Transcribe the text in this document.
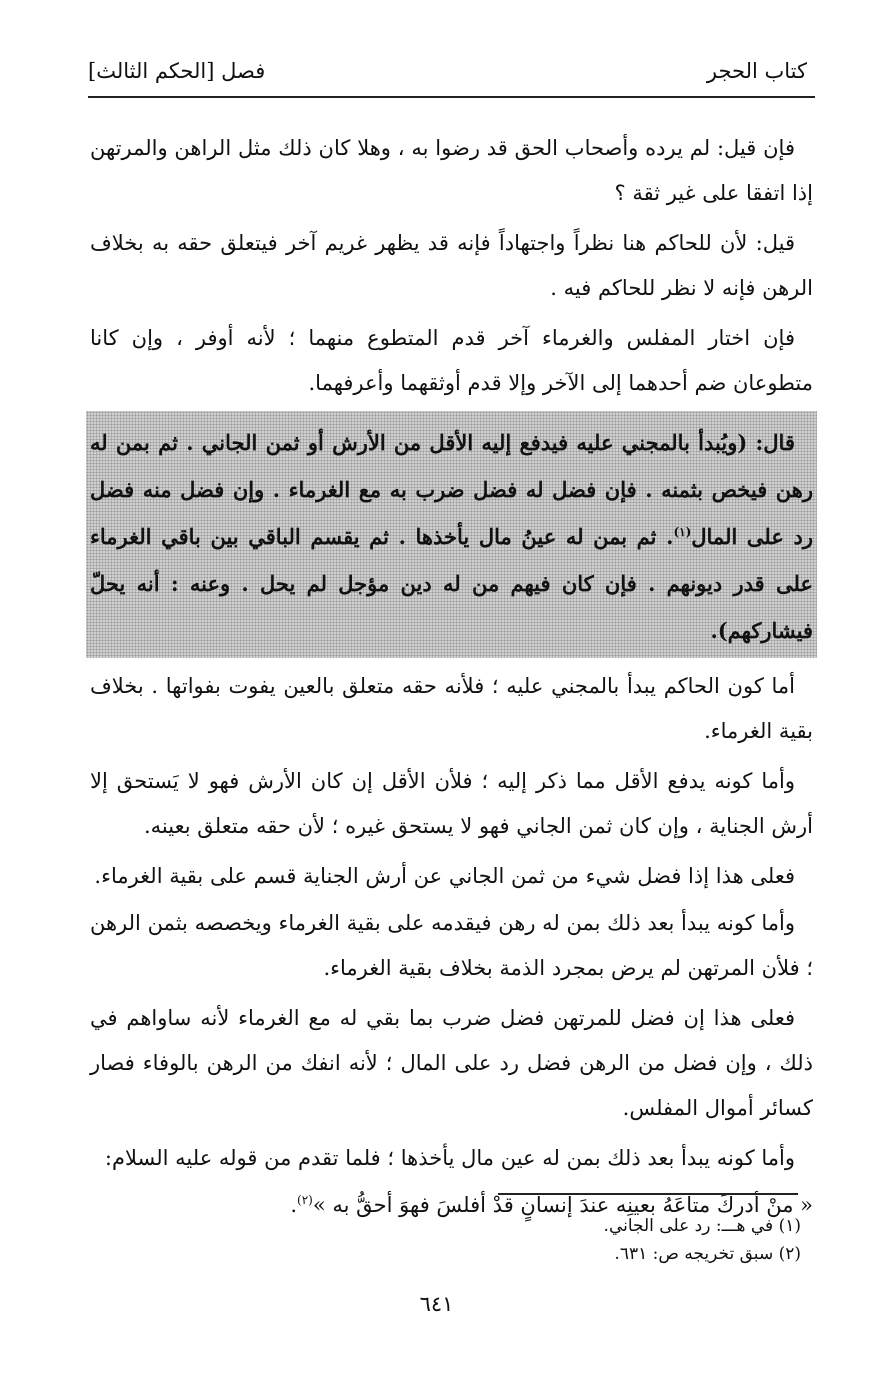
كتاب الحجر
فصل [الحكم الثالث]

فإن قيل: لم يرده وأصحاب الحق قد رضوا به ، وهلا كان ذلك مثل الراهن والمرتهن إذا اتفقا على غير ثقة ؟

قيل: لأن للحاكم هنا نظراً واجتهاداً فإنه قد يظهر غريم آخر فيتعلق حقه به بخلاف الرهن فإنه لا نظر للحاكم فيه .

فإن اختار المفلس والغرماء آخر قدم المتطوع منهما ؛ لأنه أوفر ، وإن كانا متطوعان ضم أحدهما إلى الآخر وإلا قدم أوثقهما وأعرفهما.

قال: (ويُبدأ بالمجني عليه فيدفع إليه الأقل من الأرش أو ثمن الجاني . ثم بمن له رهن فيخص بثمنه . فإن فضل له فضل ضرب به مع الغرماء . وإن فضل منه فضل رد على المال$^{(١)}$. ثم بمن له عينُ مال يأخذها . ثم يقسم الباقي بين باقي الغرماء على قدر ديونهم . فإن كان فيهم من له دين مؤجل لم يحل . وعنه : أنه يحلّ فيشاركهم).

أما كون الحاكم يبدأ بالمجني عليه ؛ فلأنه حقه متعلق بالعين يفوت بفواتها . بخلاف بقية الغرماء.

وأما كونه يدفع الأقل مما ذكر إليه ؛ فلأن الأقل إن كان الأرش فهو لا يَستحق إلا أرش الجناية ، وإن كان ثمن الجاني فهو لا يستحق غيره ؛ لأن حقه متعلق بعينه.

فعلى هذا إذا فضل شيء من ثمن الجاني عن أرش الجناية قسم على بقية الغرماء.

وأما كونه يبدأ بعد ذلك بمن له رهن فيقدمه على بقية الغرماء ويخصصه بثمن الرهن ؛ فلأن المرتهن لم يرض بمجرد الذمة بخلاف بقية الغرماء.

فعلى هذا إن فضل للمرتهن فضل ضرب بما بقي له مع الغرماء لأنه ساواهم في ذلك ، وإن فضل من الرهن فضل رد على المال ؛ لأنه انفك من الرهن بالوفاء فصار كسائر أموال المفلس.

وأما كونه يبدأ بعد ذلك بمن له عين مال يأخذها ؛ فلما تقدم من قوله عليه السلام:

« منْ أدركَ متاعَهُ بعينِه عندَ إنسانٍ قدْ أفلسَ فهوَ أحقُّ به »$^{(٢)}$.

(١) في هـــ: رد على الجاني.

(٢) سبق تخريجه ص: ٦٣١.

٦٤١
